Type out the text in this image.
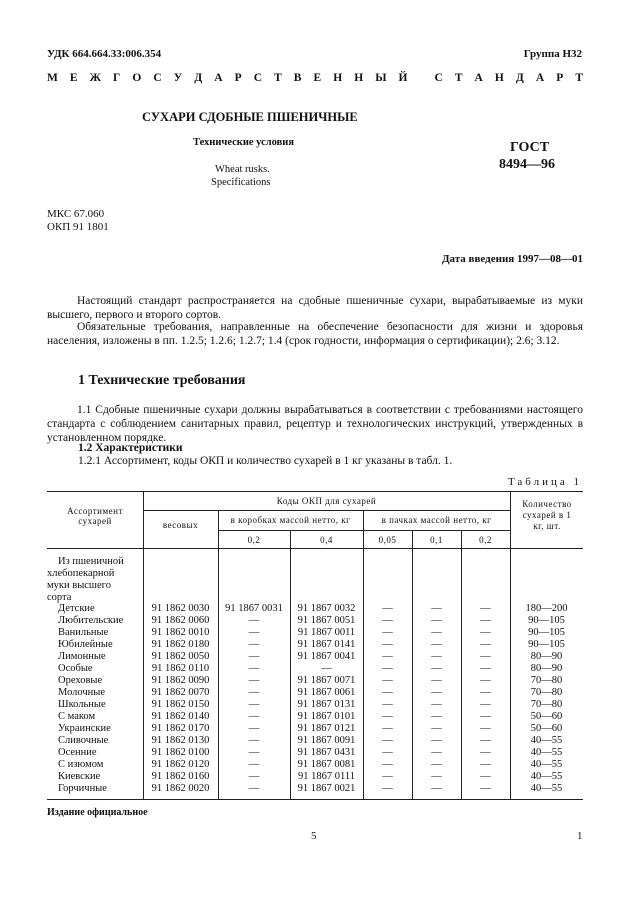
УДК 664.664.33:006.354	Группа Н32
М Е Ж Г О С У Д А Р С Т В Е Н Н Ы Й
С Т А Н Д А Р Т
СУХАРИ СДОБНЫЕ ПШЕНИЧНЫЕ
Технические условия
Wheat rusks.
Specifications
ГОСТ
8494—96
МКС 67.060
ОКП 91 1801
Дата введения 1997—08—01
Настоящий стандарт распространяется на сдобные пшеничные сухари, вырабатываемые из муки высшего, первого и второго сортов.
Обязательные требования, направленные на обеспечение безопасности для жизни и здоровья населения, изложены в пп. 1.2.5; 1.2.6; 1.2.7; 1.4 (срок годности, информация о сертификации); 2.6; 3.12.
1 Технические требования
1.1 Сдобные пшеничные сухари должны вырабатываться в соответствии с требованиями настоящего стандарта с соблюдением санитарных правил, рецептур и технологических инструкций, утвержденных в установленном порядке.
1.2 Характеристики
1.2.1 Ассортимент, коды ОКП и количество сухарей в 1 кг указаны в табл. 1.
Таблица 1
Ассортимент сухарей
Коды ОКП для сухарей
весовых	в коробках массой нетто, кг	в пачках массой нетто, кг
Количество сухарей в 1 кг, шт.
0,2	0,4	0,05	0,1	0,2
Из пшеничной
хлебопекарной
муки высшего
сорта
Детские	91 1862 0030	91 1867 0031	91 1867 0032	—	—	—	180—200
Любительские	91 1862 0060	—	91 1867 0051	—	—	—	90—105
Ванильные	91 1862 0010	—	91 1867 0011	—	—	—	90—105
Юбилейные	91 1862 0180	—	91 1867 0141	—	—	—	90—105
Лимонные	91 1862 0050	—	91 1867 0041	—	—	—	80—90
Особые	91 1862 0110	—	—	—	—	—	80—90
Ореховые	91 1862 0090	—	91 1867 0071	—	—	—	70—80
Молочные	91 1862 0070	—	91 1867 0061	—	—	—	70—80
Школьные	91 1862 0150	—	91 1867 0131	—	—	—	70—80
С маком	91 1862 0140	—	91 1867 0101	—	—	—	50—60
Украинские	91 1862 0170	—	91 1867 0121	—	—	—	50—60
Сливочные	91 1862 0130	—	91 1867 0091	—	—	—	40—55
Осенние	91 1862 0100	—	91 1867 0431	—	—	—	40—55
С изюмом	91 1862 0120	—	91 1867 0081	—	—	—	40—55
Киевские	91 1862 0160	—	91 1867 0111	—	—	—	40—55
Горчичные	91 1862 0020	—	91 1867 0021	—	—	—	40—55
Издание официальное
5	1
